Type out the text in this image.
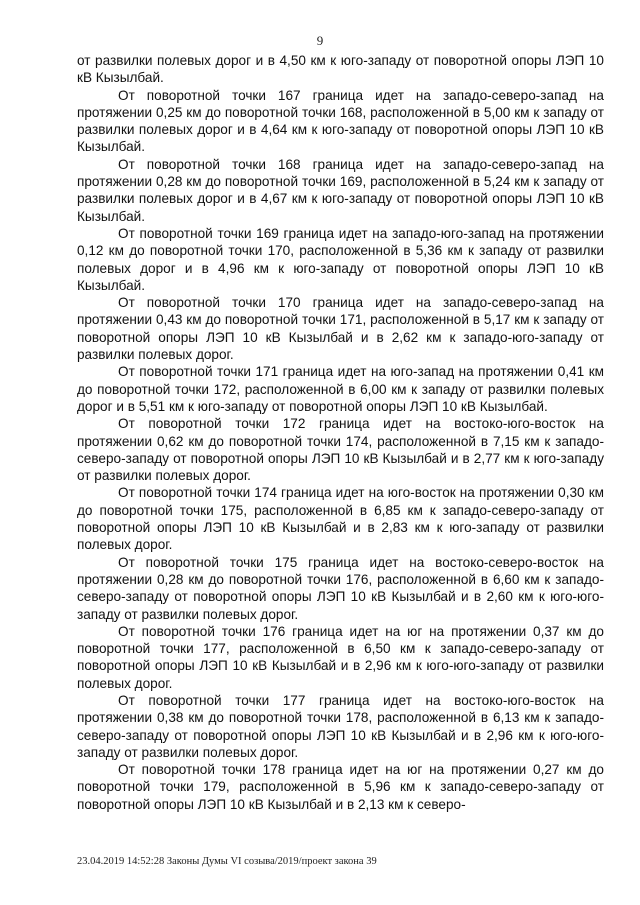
9

от развилки полевых дорог и в 4,50 км к юго-западу от поворотной опоры ЛЭП 10 кВ Кызылбай.

От поворотной точки 167 граница идет на западо-северо-запад на протяжении 0,25 км до поворотной точки 168, расположенной в 5,00 км к западу от развилки полевых дорог и в 4,64 км к юго-западу от поворотной опоры ЛЭП 10 кВ Кызылбай.

От поворотной точки 168 граница идет на западо-северо-запад на протяжении 0,28 км до поворотной точки 169, расположенной в 5,24 км к западу от развилки полевых дорог и в 4,67 км к юго-западу от поворотной опоры ЛЭП 10 кВ Кызылбай.

От поворотной точки 169 граница идет на западо-юго-запад на протяжении 0,12 км до поворотной точки 170, расположенной в 5,36 км к западу от развилки полевых дорог и в 4,96 км к юго-западу от поворотной опоры ЛЭП 10 кВ Кызылбай.

От поворотной точки 170 граница идет на западо-северо-запад на протяжении 0,43 км до поворотной точки 171, расположенной в 5,17 км к западу от поворотной опоры ЛЭП 10 кВ Кызылбай и в 2,62 км к западо-юго-западу от развилки полевых дорог.

От поворотной точки 171 граница идет на юго-запад на протяжении 0,41 км до поворотной точки 172, расположенной в 6,00 км к западу от развилки полевых дорог и в 5,51 км к юго-западу от поворотной опоры ЛЭП 10 кВ Кызылбай.

От поворотной точки 172 граница идет на востоко-юго-восток на протяжении 0,62 км до поворотной точки 174, расположенной в 7,15 км к западо-северо-западу от поворотной опоры ЛЭП 10 кВ Кызылбай и в 2,77 км к юго-западу от развилки полевых дорог.

От поворотной точки 174 граница идет на юго-восток на протяжении 0,30 км до поворотной точки 175, расположенной в 6,85 км к западо-северо-западу от поворотной опоры ЛЭП 10 кВ Кызылбай и в 2,83 км к юго-западу от развилки полевых дорог.

От поворотной точки 175 граница идет на востоко-северо-восток на протяжении 0,28 км до поворотной точки 176, расположенной в 6,60 км к западо-северо-западу от поворотной опоры ЛЭП 10 кВ Кызылбай и в 2,60 км к юго-юго-западу от развилки полевых дорог.

От поворотной точки 176 граница идет на юг на протяжении 0,37 км до поворотной точки 177, расположенной в 6,50 км к западо-северо-западу от поворотной опоры ЛЭП 10 кВ Кызылбай и в 2,96 км к юго-юго-западу от развилки полевых дорог.

От поворотной точки 177 граница идет на востоко-юго-восток на протяжении 0,38 км до поворотной точки 178, расположенной в 6,13 км к западо-северо-западу от поворотной опоры ЛЭП 10 кВ Кызылбай и в 2,96 км к юго-юго-западу от развилки полевых дорог.

От поворотной точки 178 граница идет на юг на протяжении 0,27 км до поворотной точки 179, расположенной в 5,96 км к западо-северо-западу от поворотной опоры ЛЭП 10 кВ Кызылбай и в 2,13 км к северо-

23.04.2019 14:52:28 Законы Думы VI созыва/2019/проект закона 39
